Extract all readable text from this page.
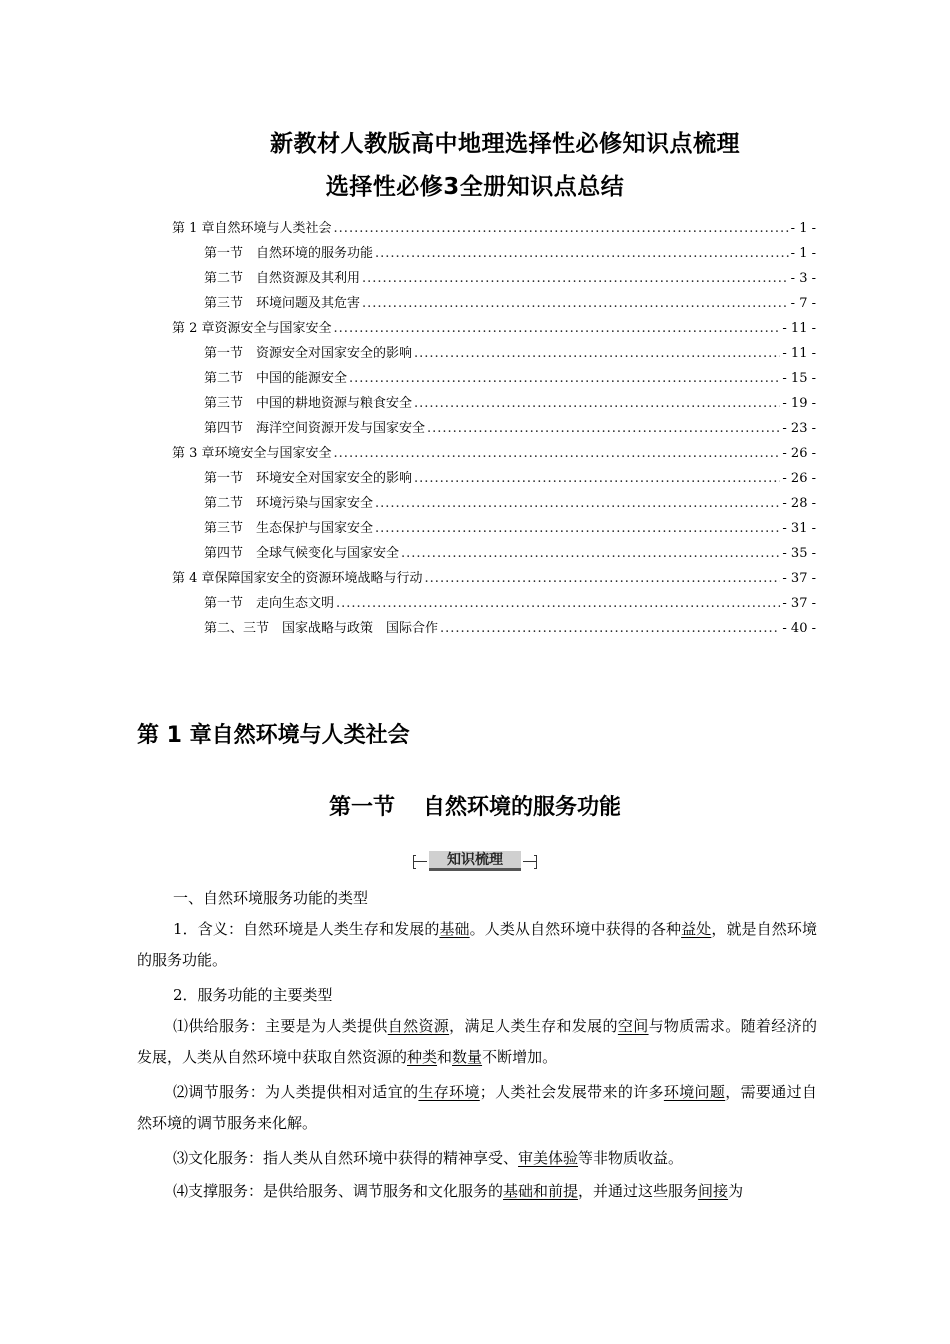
新教材人教版高中地理选择性必修知识点梳理
选择性必修3全册知识点总结
第 1 章自然环境与人类社会 .....	- 1 -
第一节　自然环境的服务功能 .....	- 1 -
第二节　自然资源及其利用 .....	- 3 -
第三节　环境问题及其危害 .....	- 7 -
第 2 章资源安全与国家安全 .....	- 11 -
第一节　资源安全对国家安全的影响 .....	- 11 -
第二节　中国的能源安全 .....	- 15 -
第三节　中国的耕地资源与粮食安全 .....	- 19 -
第四节　海洋空间资源开发与国家安全 .....	- 23 -
第 3 章环境安全与国家安全 .....	- 26 -
第一节　环境安全对国家安全的影响 .....	- 26 -
第二节　环境污染与国家安全 .....	- 28 -
第三节　生态保护与国家安全 .....	- 31 -
第四节　全球气候变化与国家安全 .....	- 35 -
第 4 章保障国家安全的资源环境战略与行动 .....	- 37 -
第一节　走向生态文明 .....	- 37 -
第二、三节　国家战略与政策　国际合作 .....	- 40 -
第 1 章自然环境与人类社会
第一节 自然环境的服务功能
知识梳理

一、自然环境服务功能的类型

1．含义：自然环境是人类生存和发展的基础。人类从自然环境中获得的各种益处，就是自然环境的服务功能。

2．服务功能的主要类型

⑴供给服务：主要是为人类提供自然资源，满足人类生存和发展的空间与物质需求。随着经济的发展，人类从自然环境中获取自然资源的种类和数量不断增加。

⑵调节服务：为人类提供相对适宜的生存环境；人类社会发展带来的许多环境问题，需要通过自然环境的调节服务来化解。

⑶文化服务：指人类从自然环境中获得的精神享受、审美体验等非物质收益。

⑷支撑服务：是供给服务、调节服务和文化服务的基础和前提，并通过这些服务间接为
